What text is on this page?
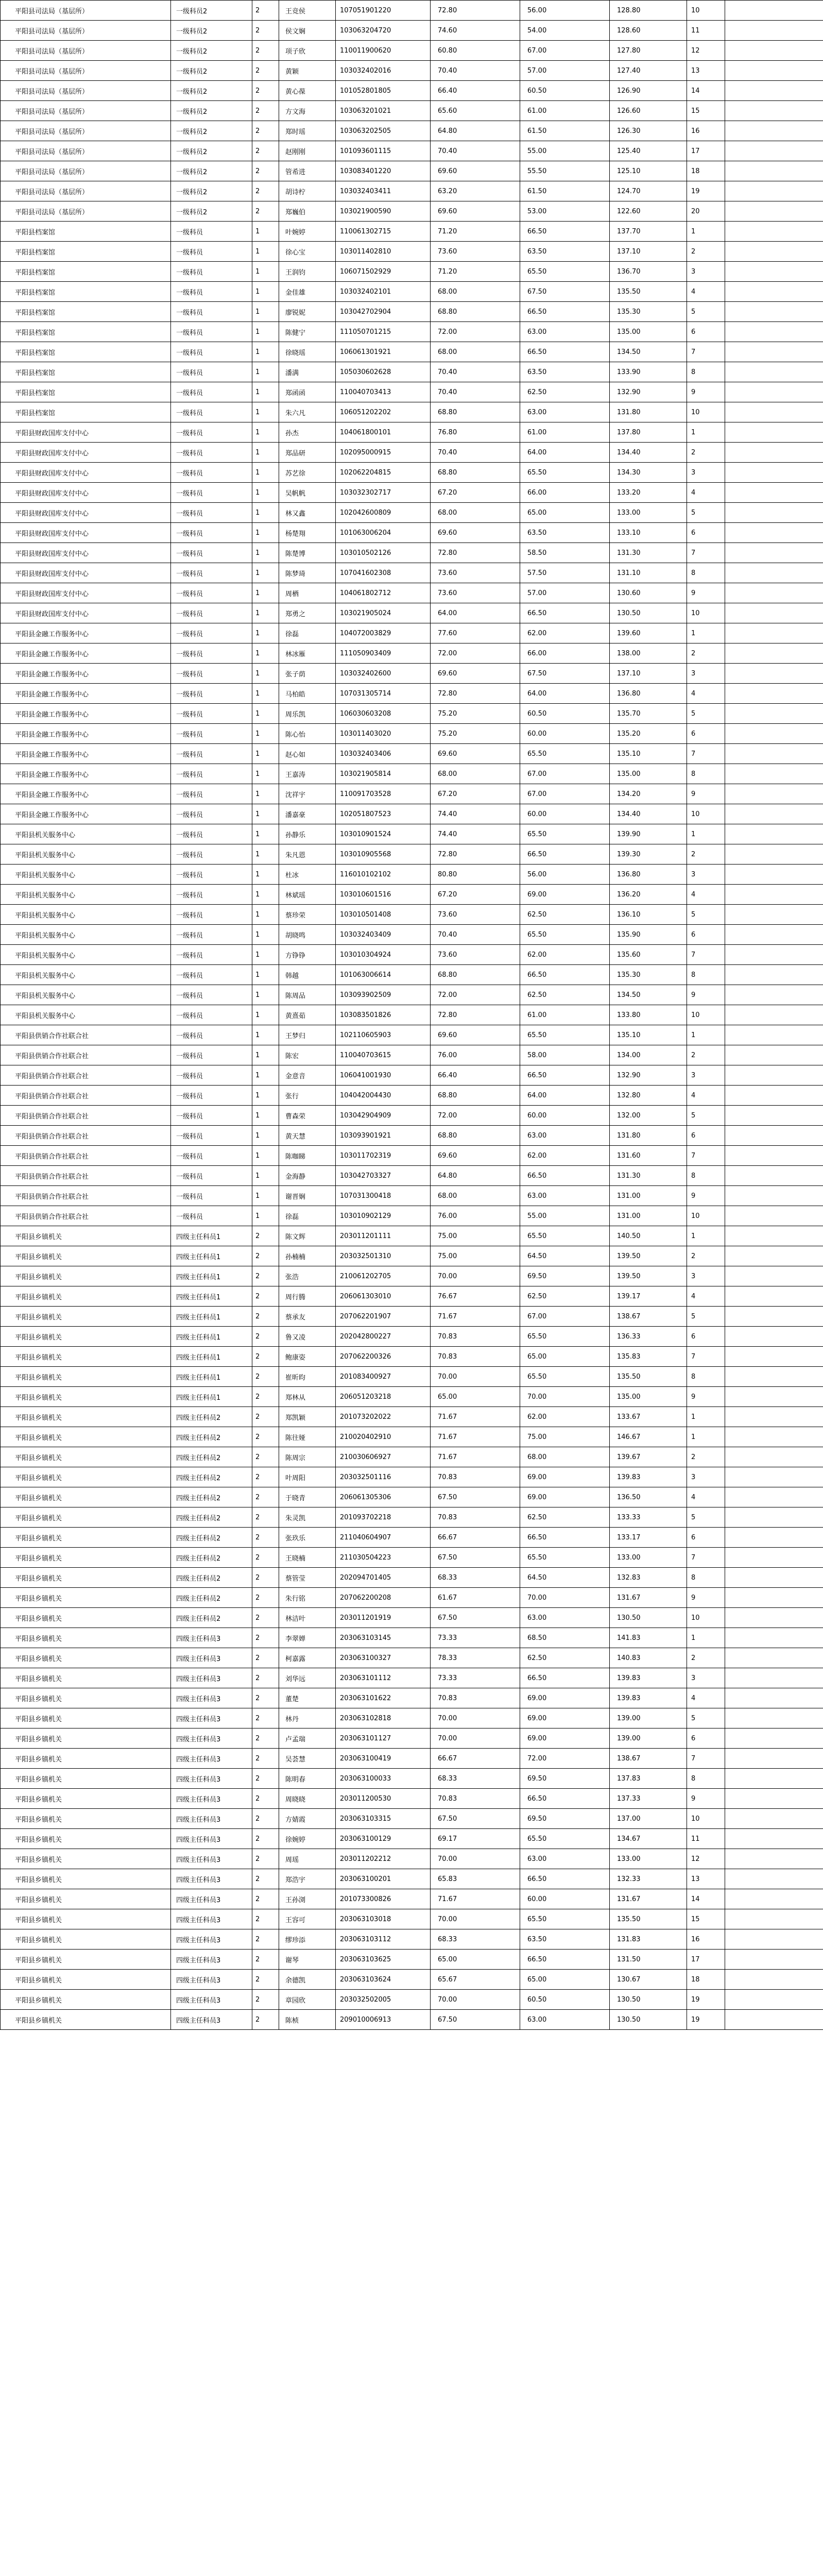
平阳县司法局（基层所）	一级科员2	2	王竞侯	107051901220	72.80	56.00	128.80	10	
平阳县司法局（基层所）	一级科员2	2	侯文娴	103063204720	74.60	54.00	128.60	11	
平阳县司法局（基层所）	一级科员2	2	项子欣	110011900620	60.80	67.00	127.80	12	
平阳县司法局（基层所）	一级科员2	2	黄颖	103032402016	70.40	57.00	127.40	13	
平阳县司法局（基层所）	一级科员2	2	黄心葆	101052801805	66.40	60.50	126.90	14	
平阳县司法局（基层所）	一级科员2	2	方文海	103063201021	65.60	61.00	126.60	15	
平阳县司法局（基层所）	一级科员2	2	郑时瑶	103063202505	64.80	61.50	126.30	16	
平阳县司法局（基层所）	一级科员2	2	赵刚刚	101093601115	70.40	55.00	125.40	17	
平阳县司法局（基层所）	一级科员2	2	管希进	103083401220	69.60	55.50	125.10	18	
平阳县司法局（基层所）	一级科员2	2	胡诗柠	103032403411	63.20	61.50	124.70	19	
平阳县司法局（基层所）	一级科员2	2	郑巍伯	103021900590	69.60	53.00	122.60	20	
平阳县档案馆	一级科员	1	叶婉婷	110061302715	71.20	66.50	137.70	1	
平阳县档案馆	一级科员	1	徐心宝	103011402810	73.60	63.50	137.10	2	
平阳县档案馆	一级科员	1	王润钧	106071502929	71.20	65.50	136.70	3	
平阳县档案馆	一级科员	1	金佳雄	103032402101	68.00	67.50	135.50	4	
平阳县档案馆	一级科员	1	廖锐妮	103042702904	68.80	66.50	135.30	5	
平阳县档案馆	一级科员	1	陈健宁	111050701215	72.00	63.00	135.00	6	
平阳县档案馆	一级科员	1	徐晓瑶	106061301921	68.00	66.50	134.50	7	
平阳县档案馆	一级科员	1	潘满	105030602628	70.40	63.50	133.90	8	
平阳县档案馆	一级科员	1	郑函函	110040703413	70.40	62.50	132.90	9	
平阳县档案馆	一级科员	1	朱六凡	106051202202	68.80	63.00	131.80	10	
平阳县财政国库支付中心	一级科员	1	孙杰	104061800101	76.80	61.00	137.80	1	
平阳县财政国库支付中心	一级科员	1	郑品研	102095000915	70.40	64.00	134.40	2	
平阳县财政国库支付中心	一级科员	1	苏艺徐	102062204815	68.80	65.50	134.30	3	
平阳县财政国库支付中心	一级科员	1	吴帆帆	103032302717	67.20	66.00	133.20	4	
平阳县财政国库支付中心	一级科员	1	林又鑫	102042600809	68.00	65.00	133.00	5	
平阳县财政国库支付中心	一级科员	1	杨楚翔	101063006204	69.60	63.50	133.10	6	
平阳县财政国库支付中心	一级科员	1	陈楚博	103010502126	72.80	58.50	131.30	7	
平阳县财政国库支付中心	一级科员	1	陈梦琦	107041602308	73.60	57.50	131.10	8	
平阳县财政国库支付中心	一级科员	1	周栖	104061802712	73.60	57.00	130.60	9	
平阳县财政国库支付中心	一级科员	1	郑勇之	103021905024	64.00	66.50	130.50	10	
平阳县金融工作服务中心	一级科员	1	徐磊	104072003829	77.60	62.00	139.60	1	
平阳县金融工作服务中心	一级科员	1	林冰雁	111050903409	72.00	66.00	138.00	2	
平阳县金融工作服务中心	一级科员	1	张子荫	103032402600	69.60	67.50	137.10	3	
平阳县金融工作服务中心	一级科员	1	马柏皓	107031305714	72.80	64.00	136.80	4	
平阳县金融工作服务中心	一级科员	1	周乐凯	106030603208	75.20	60.50	135.70	5	
平阳县金融工作服务中心	一级科员	1	陈心怡	103011403020	75.20	60.00	135.20	6	
平阳县金融工作服务中心	一级科员	1	赵心如	103032403406	69.60	65.50	135.10	7	
平阳县金融工作服务中心	一级科员	1	王嘉涛	103021905814	68.00	67.00	135.00	8	
平阳县金融工作服务中心	一级科员	1	沈祥宇	110091703528	67.20	67.00	134.20	9	
平阳县金融工作服务中心	一级科员	1	潘嘉豪	102051807523	74.40	60.00	134.40	10	
平阳县机关服务中心	一级科员	1	孙静乐	103010901524	74.40	65.50	139.90	1	
平阳县机关服务中心	一级科员	1	朱凡恩	103010905568	72.80	66.50	139.30	2	
平阳县机关服务中心	一级科员	1	杜冰	116010102102	80.80	56.00	136.80	3	
平阳县机关服务中心	一级科员	1	林斌瑶	103010601516	67.20	69.00	136.20	4	
平阳县机关服务中心	一级科员	1	蔡珍荣	103010501408	73.60	62.50	136.10	5	
平阳县机关服务中心	一级科员	1	胡晓鸣	103032403409	70.40	65.50	135.90	6	
平阳县机关服务中心	一级科员	1	方铮铮	103010304924	73.60	62.00	135.60	7	
平阳县机关服务中心	一级科员	1	韩越	101063006614	68.80	66.50	135.30	8	
平阳县机关服务中心	一级科员	1	陈周品	103093902509	72.00	62.50	134.50	9	
平阳县机关服务中心	一级科员	1	黄熹茹	103083501826	72.80	61.00	133.80	10	
平阳县供销合作社联合社	一级科员	1	王梦归	102110605903	69.60	65.50	135.10	1	
平阳县供销合作社联合社	一级科员	1	陈宏	110040703615	76.00	58.00	134.00	2	
平阳县供销合作社联合社	一级科员	1	金意音	106041001930	66.40	66.50	132.90	3	
平阳县供销合作社联合社	一级科员	1	张行	104042004430	68.80	64.00	132.80	4	
平阳县供销合作社联合社	一级科员	1	曹森荣	103042904909	72.00	60.00	132.00	5	
平阳县供销合作社联合社	一级科员	1	黄天慧	103093901921	68.80	63.00	131.80	6	
平阳县供销合作社联合社	一级科员	1	陈咖睇	103011702319	69.60	62.00	131.60	7	
平阳县供销合作社联合社	一级科员	1	金海静	103042703327	64.80	66.50	131.30	8	
平阳县供销合作社联合社	一级科员	1	谢晋娴	107031300418	68.00	63.00	131.00	9	
平阳县供销合作社联合社	一级科员	1	徐磊	103010902129	76.00	55.00	131.00	10	
平阳县乡镇机关	四级主任科员1	2	陈文辉	203011201111	75.00	65.50	140.50	1	
平阳县乡镇机关	四级主任科员1	2	孙楠楠	203032501310	75.00	64.50	139.50	2	
平阳县乡镇机关	四级主任科员1	2	张浩	210061202705	70.00	69.50	139.50	3	
平阳县乡镇机关	四级主任科员1	2	周行腾	206061303010	76.67	62.50	139.17	4	
平阳县乡镇机关	四级主任科员1	2	蔡承友	207062201907	71.67	67.00	138.67	5	
平阳县乡镇机关	四级主任科员1	2	鲁又凌	202042800227	70.83	65.50	136.33	6	
平阳县乡镇机关	四级主任科员1	2	鲍康姿	207062200326	70.83	65.00	135.83	7	
平阳县乡镇机关	四级主任科员1	2	崔昕昀	201083400927	70.00	65.50	135.50	8	
平阳县乡镇机关	四级主任科员1	2	郑林从	206051203218	65.00	70.00	135.00	9	
平阳县乡镇机关	四级主任科员2	2	郑凯颖	201073202022	71.67	62.00	133.67	1	
平阳县乡镇机关	四级主任科员2	2	陈往娅	210020402910	71.67	75.00	146.67	1	
平阳县乡镇机关	四级主任科员2	2	陈周宗	210030606927	71.67	68.00	139.67	2	
平阳县乡镇机关	四级主任科员2	2	叶周阳	203032501116	70.83	69.00	139.83	3	
平阳县乡镇机关	四级主任科员2	2	于晓青	206061305306	67.50	69.00	136.50	4	
平阳县乡镇机关	四级主任科员2	2	朱灵凯	201093702218	70.83	62.50	133.33	5	
平阳县乡镇机关	四级主任科员2	2	张玖乐	211040604907	66.67	66.50	133.17	6	
平阳县乡镇机关	四级主任科员2	2	王晓楠	211030504223	67.50	65.50	133.00	7	
平阳县乡镇机关	四级主任科员2	2	蔡管莹	202094701405	68.33	64.50	132.83	8	
平阳县乡镇机关	四级主任科员2	2	朱行铭	207062200208	61.67	70.00	131.67	9	
平阳县乡镇机关	四级主任科员2	2	林洁叶	203011201919	67.50	63.00	130.50	10	
平阳县乡镇机关	四级主任科员3	2	李翠婵	203063103145	73.33	68.50	141.83	1	
平阳县乡镇机关	四级主任科员3	2	柯嘉露	203063100327	78.33	62.50	140.83	2	
平阳县乡镇机关	四级主任科员3	2	刘华远	203063101112	73.33	66.50	139.83	3	
平阳县乡镇机关	四级主任科员3	2	董楚	203063101622	70.83	69.00	139.83	4	
平阳县乡镇机关	四级主任科员3	2	林丹	203063102818	70.00	69.00	139.00	5	
平阳县乡镇机关	四级主任科员3	2	卢孟瑞	203063101127	70.00	69.00	139.00	6	
平阳县乡镇机关	四级主任科员3	2	吴荟慧	203063100419	66.67	72.00	138.67	7	
平阳县乡镇机关	四级主任科员3	2	陈明春	203063100033	68.33	69.50	137.83	8	
平阳县乡镇机关	四级主任科员3	2	周晓晓	203011200530	70.83	66.50	137.33	9	
平阳县乡镇机关	四级主任科员3	2	方婧霞	203063103315	67.50	69.50	137.00	10	
平阳县乡镇机关	四级主任科员3	2	徐婉婷	203063100129	69.17	65.50	134.67	11	
平阳县乡镇机关	四级主任科员3	2	周瑶	203011202212	70.00	63.00	133.00	12	
平阳县乡镇机关	四级主任科员3	2	郑浩宇	203063100201	65.83	66.50	132.33	13	
平阳县乡镇机关	四级主任科员3	2	王孙浏	201073300826	71.67	60.00	131.67	14	
平阳县乡镇机关	四级主任科员3	2	王容可	203063103018	70.00	65.50	135.50	15	
平阳县乡镇机关	四级主任科员3	2	缪珍添	203063103112	68.33	63.50	131.83	16	
平阳县乡镇机关	四级主任科员3	2	谢琴	203063103625	65.00	66.50	131.50	17	
平阳县乡镇机关	四级主任科员3	2	余德凯	203063103624	65.67	65.00	130.67	18	
平阳县乡镇机关	四级主任科员3	2	章园欣	203032502005	70.00	60.50	130.50	19	
平阳县乡镇机关	四级主任科员3	2	陈桢	209010006913	67.50	63.00	130.50	19	
